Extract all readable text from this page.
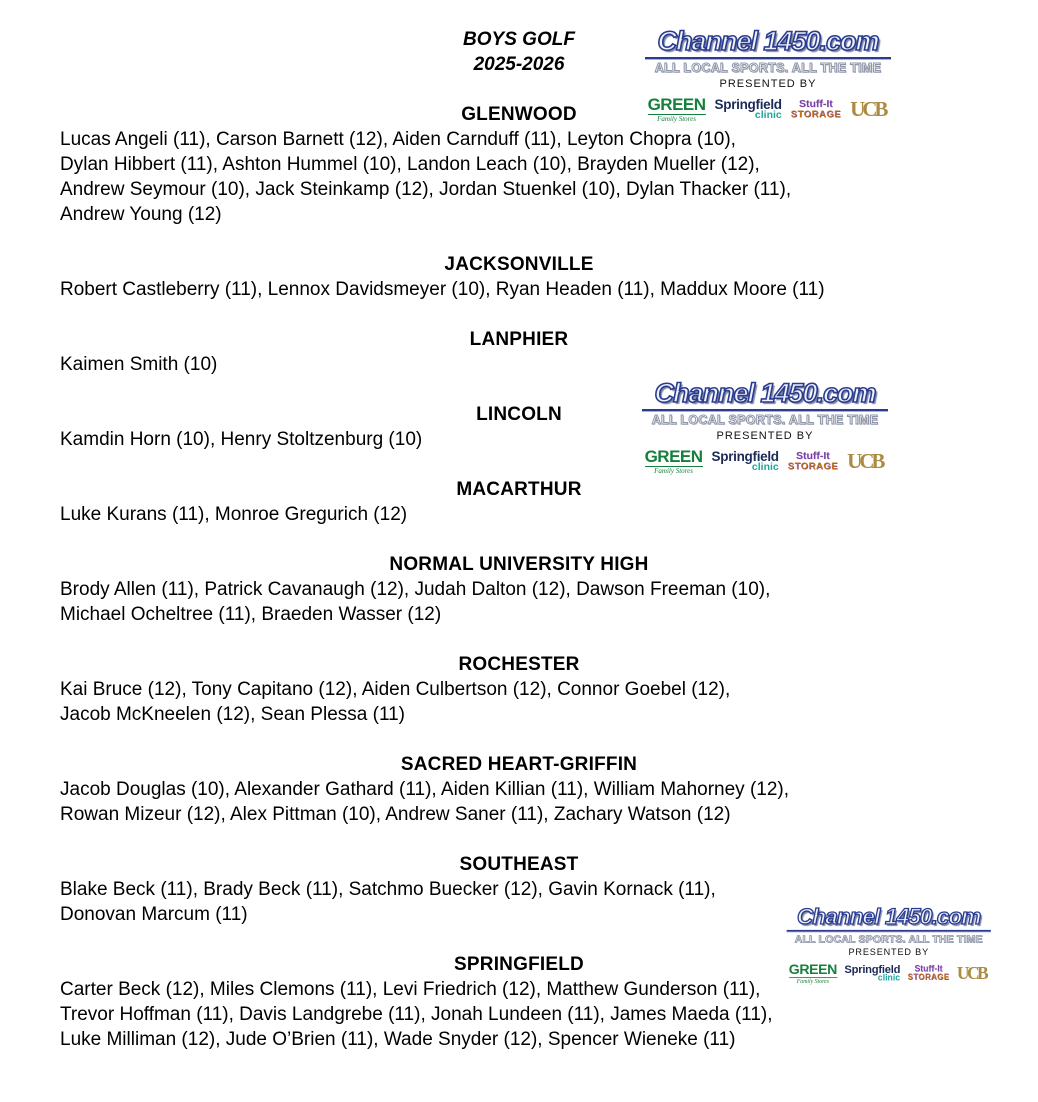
BOYS GOLF
2025-2026
GLENWOOD

Lucas Angeli (11), Carson Barnett (12), Aiden Carnduff (11), Leyton Chopra (10),

Dylan Hibbert (11), Ashton Hummel (10), Landon Leach (10), Brayden Mueller (12),

Andrew Seymour (10), Jack Steinkamp (12), Jordan Stuenkel (10), Dylan Thacker (11),

Andrew Young (12)

JACKSONVILLE

Robert Castleberry (11), Lennox Davidsmeyer (10), Ryan Headen (11), Maddux Moore (11)

LANPHIER

Kaimen Smith (10)

LINCOLN

Kamdin Horn (10), Henry Stoltzenburg (10)

MACARTHUR

Luke Kurans (11), Monroe Gregurich (12)

NORMAL UNIVERSITY HIGH

Brody Allen (11), Patrick Cavanaugh (12), Judah Dalton (12), Dawson Freeman (10),

Michael Ocheltree (11), Braeden Wasser (12)

ROCHESTER

Kai Bruce (12), Tony Capitano (12), Aiden Culbertson (12), Connor Goebel (12),

Jacob McKneelen (12), Sean Plessa (11)

SACRED HEART-GRIFFIN

Jacob Douglas (10), Alexander Gathard (11), Aiden Killian (11), William Mahorney (12),

Rowan Mizeur (12), Alex Pittman (10), Andrew Saner (11), Zachary Watson (12)

SOUTHEAST

Blake Beck (11), Brady Beck (11), Satchmo Buecker (12), Gavin Kornack (11),

Donovan Marcum (11)

SPRINGFIELD

Carter Beck (12), Miles Clemons (11), Levi Friedrich (12), Matthew Gunderson (11),

Trevor Hoffman (11), Davis Landgrebe (11), Jonah Lundeen (11), James Maeda (11),

Luke Milliman (12), Jude O’Brien (11), Wade Snyder (12), Spencer Wieneke (11)

Channel 1450.com
ALL LOCAL SPORTS. ALL THE TIME
PRESENTED BY
GREEN
Family Stores
Springfield
clinic
Stuff-It
STORAGE UCB
Channel 1450.com
ALL LOCAL SPORTS. ALL THE TIME
PRESENTED BY
GREEN
Family Stores
Springfield
clinic
Stuff-It
STORAGE UCB
Channel 1450.com
ALL LOCAL SPORTS. ALL THE TIME
PRESENTED BY
GREEN
Family Stores
Springfield
clinic
Stuff-It
STORAGE UCB
